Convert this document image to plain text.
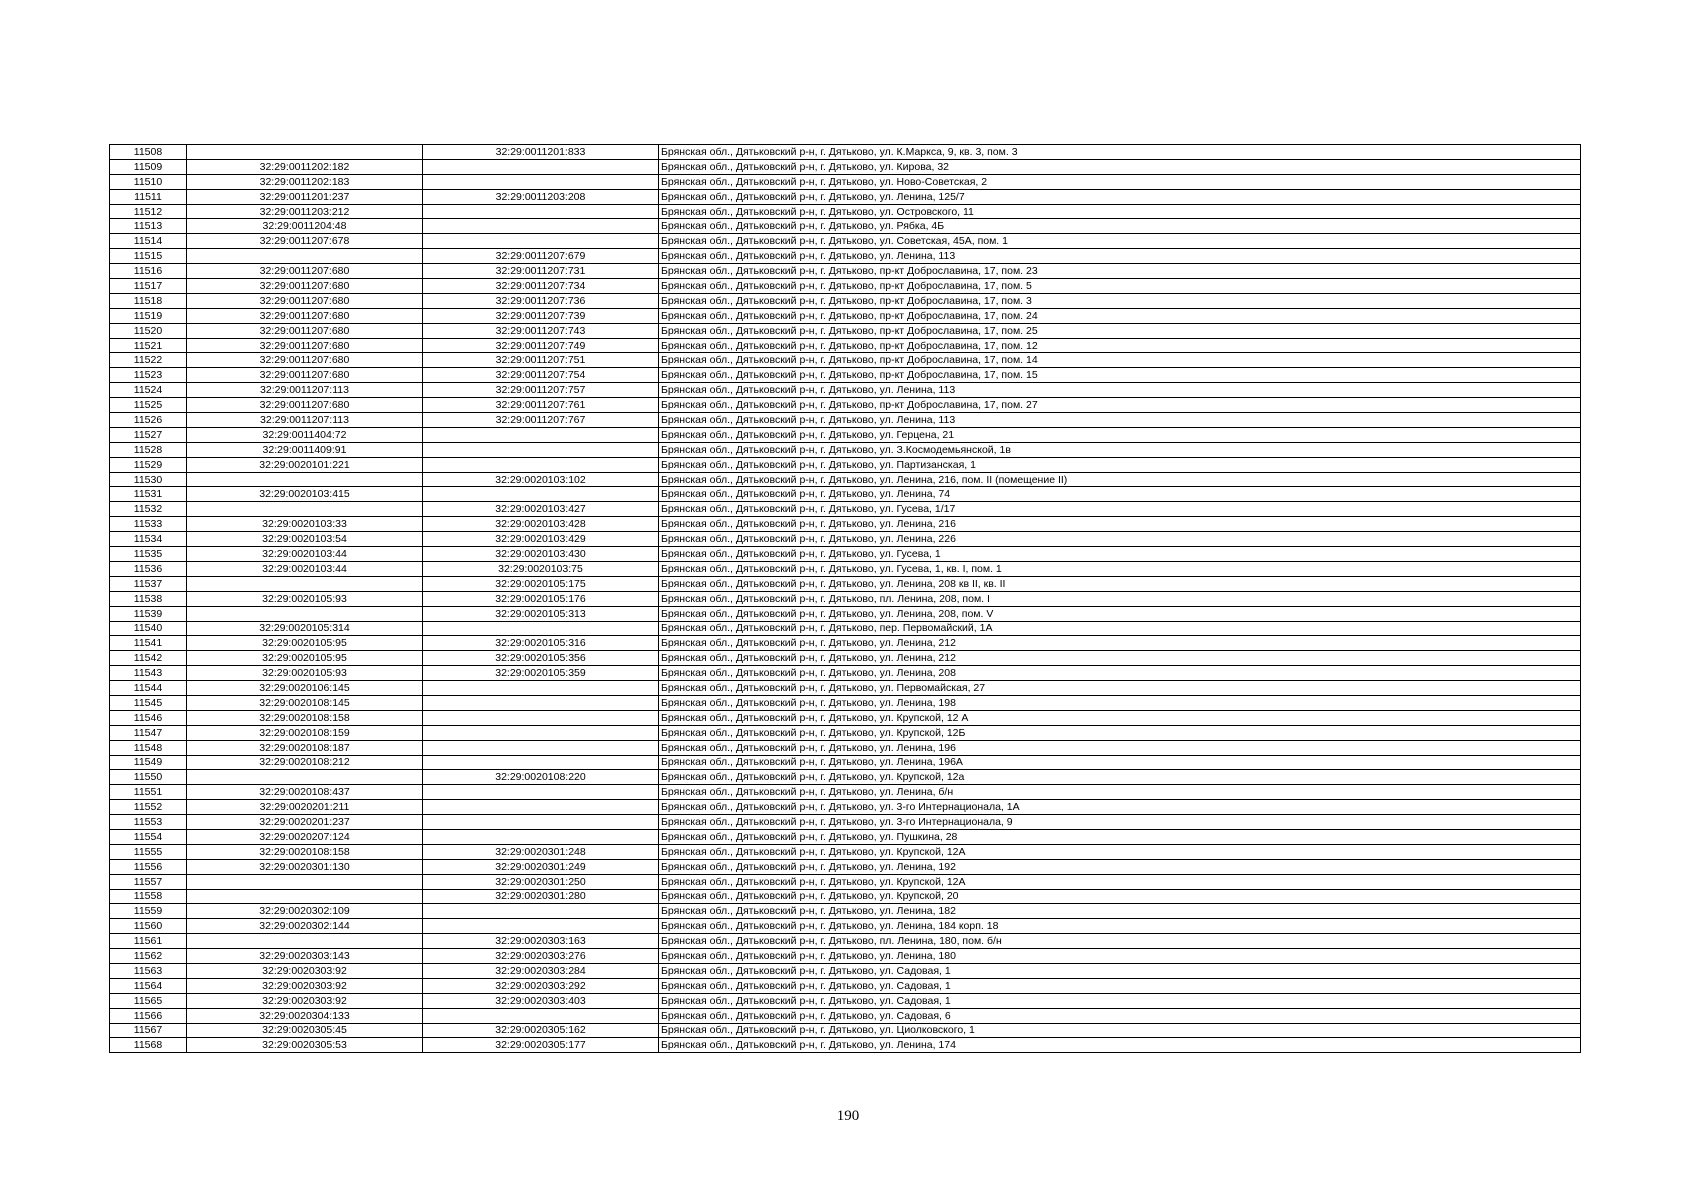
11508		32:29:0011201:833	Брянская обл., Дятьковский р-н, г. Дятьково, ул. К.Маркса, 9, кв. 3, пом. 3
11509	32:29:0011202:182		Брянская обл., Дятьковский р-н, г. Дятьково, ул. Кирова, 32
11510	32:29:0011202:183		Брянская обл., Дятьковский р-н, г. Дятьково, ул. Ново-Советская, 2
11511	32:29:0011201:237	32:29:0011203:208	Брянская обл., Дятьковский р-н, г. Дятьково, ул. Ленина, 125/7
11512	32:29:0011203:212		Брянская обл., Дятьковский р-н, г. Дятьково, ул. Островского, 11
11513	32:29:0011204:48		Брянская обл., Дятьковский р-н, г. Дятьково, ул. Рябка, 4Б
11514	32:29:0011207:678		Брянская обл., Дятьковский р-н, г. Дятьково, ул. Советская, 45А, пом. 1
11515		32:29:0011207:679	Брянская обл., Дятьковский р-н, г. Дятьково, ул. Ленина, 113
11516	32:29:0011207:680	32:29:0011207:731	Брянская обл., Дятьковский р-н, г. Дятьково, пр-кт Доброславина, 17, пом. 23
11517	32:29:0011207:680	32:29:0011207:734	Брянская обл., Дятьковский р-н, г. Дятьково, пр-кт Доброславина, 17, пом. 5
11518	32:29:0011207:680	32:29:0011207:736	Брянская обл., Дятьковский р-н, г. Дятьково, пр-кт Доброславина, 17, пом. 3
11519	32:29:0011207:680	32:29:0011207:739	Брянская обл., Дятьковский р-н, г. Дятьково, пр-кт Доброславина, 17, пом. 24
11520	32:29:0011207:680	32:29:0011207:743	Брянская обл., Дятьковский р-н, г. Дятьково, пр-кт Доброславина, 17, пом. 25
11521	32:29:0011207:680	32:29:0011207:749	Брянская обл., Дятьковский р-н, г. Дятьково, пр-кт Доброславина, 17, пом. 12
11522	32:29:0011207:680	32:29:0011207:751	Брянская обл., Дятьковский р-н, г. Дятьково, пр-кт Доброславина, 17, пом. 14
11523	32:29:0011207:680	32:29:0011207:754	Брянская обл., Дятьковский р-н, г. Дятьково, пр-кт Доброславина, 17, пом. 15
11524	32:29:0011207:113	32:29:0011207:757	Брянская обл., Дятьковский р-н, г. Дятьково, ул. Ленина, 113
11525	32:29:0011207:680	32:29:0011207:761	Брянская обл., Дятьковский р-н, г. Дятьково, пр-кт Доброславина, 17, пом. 27
11526	32:29:0011207:113	32:29:0011207:767	Брянская обл., Дятьковский р-н, г. Дятьково, ул. Ленина, 113
11527	32:29:0011404:72		Брянская обл., Дятьковский р-н, г. Дятьково, ул. Герцена, 21
11528	32:29:0011409:91		Брянская обл., Дятьковский р-н, г. Дятьково, ул. З.Космодемьянской, 1в
11529	32:29:0020101:221		Брянская обл., Дятьковский р-н, г. Дятьково, ул. Партизанская, 1
11530		32:29:0020103:102	Брянская обл., Дятьковский р-н, г. Дятьково, ул. Ленина, 216, пом. II (помещение II)
11531	32:29:0020103:415		Брянская обл., Дятьковский р-н, г. Дятьково, ул. Ленина, 74
11532		32:29:0020103:427	Брянская обл., Дятьковский р-н, г. Дятьково, ул. Гусева, 1/17
11533	32:29:0020103:33	32:29:0020103:428	Брянская обл., Дятьковский р-н, г. Дятьково, ул. Ленина, 216
11534	32:29:0020103:54	32:29:0020103:429	Брянская обл., Дятьковский р-н, г. Дятьково, ул. Ленина, 226
11535	32:29:0020103:44	32:29:0020103:430	Брянская обл., Дятьковский р-н, г. Дятьково, ул. Гусева, 1
11536	32:29:0020103:44	32:29:0020103:75	Брянская обл., Дятьковский р-н, г. Дятьково, ул. Гусева, 1, кв. I, пом. 1
11537		32:29:0020105:175	Брянская обл., Дятьковский р-н, г. Дятьково, ул. Ленина, 208 кв II, кв. II
11538	32:29:0020105:93	32:29:0020105:176	Брянская обл., Дятьковский р-н, г. Дятьково, пл. Ленина, 208, пом. I
11539		32:29:0020105:313	Брянская обл., Дятьковский р-н, г. Дятьково, ул. Ленина, 208, пом. V
11540	32:29:0020105:314		Брянская обл., Дятьковский р-н, г. Дятьково, пер. Первомайский, 1А
11541	32:29:0020105:95	32:29:0020105:316	Брянская обл., Дятьковский р-н, г. Дятьково, ул. Ленина, 212
11542	32:29:0020105:95	32:29:0020105:356	Брянская обл., Дятьковский р-н, г. Дятьково, ул. Ленина, 212
11543	32:29:0020105:93	32:29:0020105:359	Брянская обл., Дятьковский р-н, г. Дятьково, ул. Ленина, 208
11544	32:29:0020106:145		Брянская обл., Дятьковский р-н, г. Дятьково, ул. Первомайская, 27
11545	32:29:0020108:145		Брянская обл., Дятьковский р-н, г. Дятьково, ул. Ленина, 198
11546	32:29:0020108:158		Брянская обл., Дятьковский р-н, г. Дятьково, ул. Крупской, 12 А
11547	32:29:0020108:159		Брянская обл., Дятьковский р-н, г. Дятьково, ул. Крупской, 12Б
11548	32:29:0020108:187		Брянская обл., Дятьковский р-н, г. Дятьково, ул. Ленина, 196
11549	32:29:0020108:212		Брянская обл., Дятьковский р-н, г. Дятьково, ул. Ленина, 196А
11550		32:29:0020108:220	Брянская обл., Дятьковский р-н, г. Дятьково, ул. Крупской, 12а
11551	32:29:0020108:437		Брянская обл., Дятьковский р-н, г. Дятьково, ул. Ленина, б/н
11552	32:29:0020201:211		Брянская обл., Дятьковский р-н, г. Дятьково, ул. 3-го Интернационала, 1А
11553	32:29:0020201:237		Брянская обл., Дятьковский р-н, г. Дятьково, ул. 3-го Интернационала, 9
11554	32:29:0020207:124		Брянская обл., Дятьковский р-н, г. Дятьково, ул. Пушкина, 28
11555	32:29:0020108:158	32:29:0020301:248	Брянская обл., Дятьковский р-н, г. Дятьково, ул. Крупской, 12А
11556	32:29:0020301:130	32:29:0020301:249	Брянская обл., Дятьковский р-н, г. Дятьково, ул. Ленина, 192
11557		32:29:0020301:250	Брянская обл., Дятьковский р-н, г. Дятьково, ул. Крупской, 12А
11558		32:29:0020301:280	Брянская обл., Дятьковский р-н, г. Дятьково, ул. Крупской, 20
11559	32:29:0020302:109		Брянская обл., Дятьковский р-н, г. Дятьково, ул. Ленина, 182
11560	32:29:0020302:144		Брянская обл., Дятьковский р-н, г. Дятьково, ул. Ленина, 184 корп. 18
11561		32:29:0020303:163	Брянская обл., Дятьковский р-н, г. Дятьково, пл. Ленина, 180, пом. б/н
11562	32:29:0020303:143	32:29:0020303:276	Брянская обл., Дятьковский р-н, г. Дятьково, ул. Ленина, 180
11563	32:29:0020303:92	32:29:0020303:284	Брянская обл., Дятьковский р-н, г. Дятьково, ул. Садовая, 1
11564	32:29:0020303:92	32:29:0020303:292	Брянская обл., Дятьковский р-н, г. Дятьково, ул. Садовая, 1
11565	32:29:0020303:92	32:29:0020303:403	Брянская обл., Дятьковский р-н, г. Дятьково, ул. Садовая, 1
11566	32:29:0020304:133		Брянская обл., Дятьковский р-н, г. Дятьково, ул. Садовая, 6
11567	32:29:0020305:45	32:29:0020305:162	Брянская обл., Дятьковский р-н, г. Дятьково, ул. Циолковского, 1
11568	32:29:0020305:53	32:29:0020305:177	Брянская обл., Дятьковский р-н, г. Дятьково, ул. Ленина, 174
190
